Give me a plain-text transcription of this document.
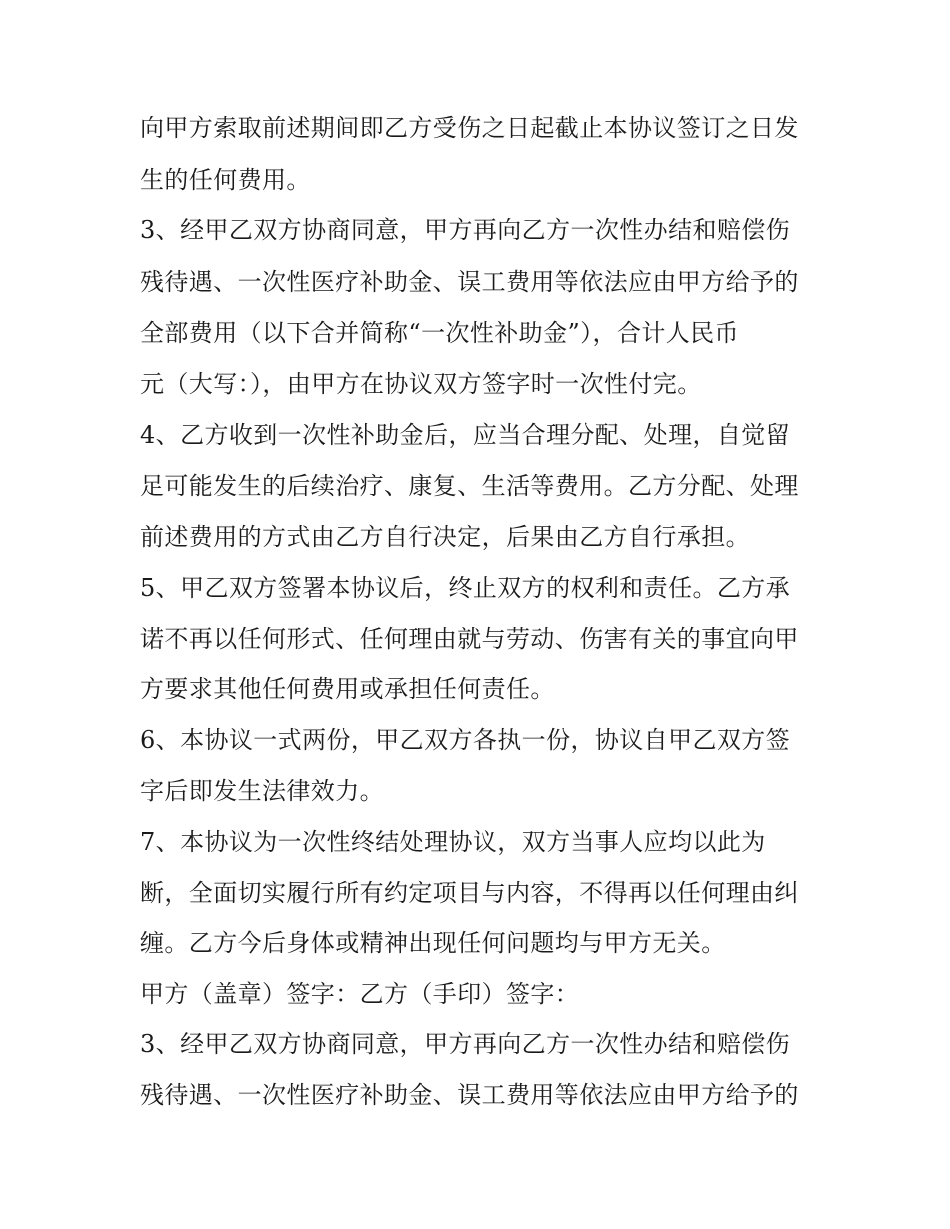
向甲方索取前述期间即乙方受伤之日起截止本协议签订之日发
生的任何费用。
3、经甲乙双方协商同意，甲方再向乙方一次性办结和赔偿伤
残待遇、一次性医疗补助金、误工费用等依法应由甲方给予的
全部费用（以下合并简称“一次性补助金”），合计人民币
元（大写：），由甲方在协议双方签字时一次性付完。
4、乙方收到一次性补助金后，应当合理分配、处理，自觉留
足可能发生的后续治疗、康复、生活等费用。乙方分配、处理
前述费用的方式由乙方自行决定，后果由乙方自行承担。
5、甲乙双方签署本协议后，终止双方的权利和责任。乙方承
诺不再以任何形式、任何理由就与劳动、伤害有关的事宜向甲
方要求其他任何费用或承担任何责任。
6、本协议一式两份，甲乙双方各执一份，协议自甲乙双方签
字后即发生法律效力。
7、本协议为一次性终结处理协议，双方当事人应均以此为
断，全面切实履行所有约定项目与内容，不得再以任何理由纠
缠。乙方今后身体或精神出现任何问题均与甲方无关。
甲方（盖章）签字：乙方（手印）签字：
3、经甲乙双方协商同意，甲方再向乙方一次性办结和赔偿伤
残待遇、一次性医疗补助金、误工费用等依法应由甲方给予的
